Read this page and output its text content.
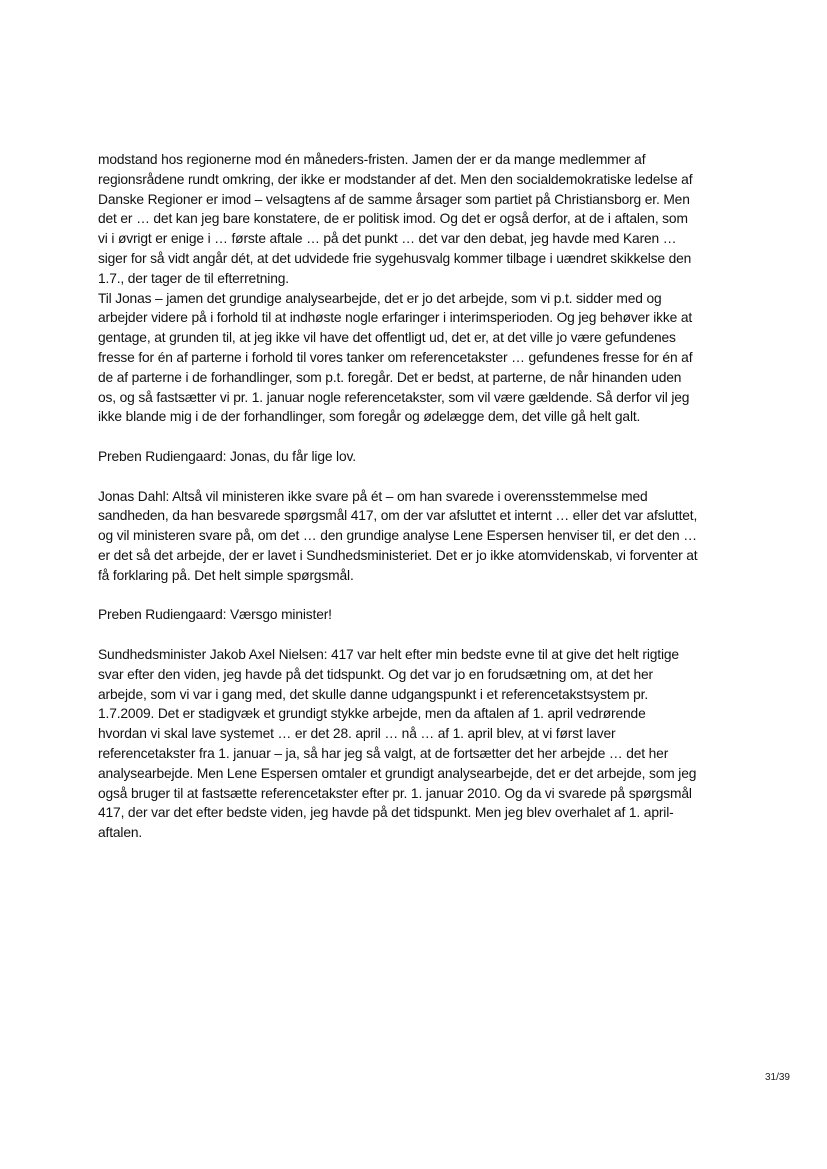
modstand hos regionerne mod én måneders-fristen. Jamen der er da mange medlemmer af regionsrådene rundt omkring, der ikke er modstander af det. Men den socialdemokratiske ledelse af Danske Regioner er imod – velsagtens af de samme årsager som partiet på Christiansborg er. Men det er … det kan jeg bare konstatere, de er politisk imod. Og det er også derfor, at de i aftalen, som vi i øvrigt er enige i … første aftale … på det punkt … det var den debat, jeg havde med Karen … siger for så vidt angår dét, at det udvidede frie sygehusvalg kommer tilbage i uændret skikkelse den 1.7., der tager de til efterretning.

Til Jonas – jamen det grundige analysearbejde, det er jo det arbejde, som vi p.t. sidder med og arbejder videre på i forhold til at indhøste nogle erfaringer i interimsperioden. Og jeg behøver ikke at gentage, at grunden til, at jeg ikke vil have det offentligt ud, det er, at det ville jo være gefundenes fresse for én af parterne i forhold til vores tanker om referencetakster … gefundenes fresse for én af de af parterne i de forhandlinger, som p.t. foregår. Det er bedst, at parterne, de når hinanden uden os, og så fastsætter vi pr. 1. januar nogle referencetakster, som vil være gældende. Så derfor vil jeg ikke blande mig i de der forhandlinger, som foregår og ødelægge dem, det ville gå helt galt.

Preben Rudiengaard: Jonas, du får lige lov.

Jonas Dahl: Altså vil ministeren ikke svare på ét – om han svarede i overensstemmelse med sandheden, da han besvarede spørgsmål 417, om der var afsluttet et internt … eller det var afsluttet, og vil ministeren svare på, om det … den grundige analyse Lene Espersen henviser til, er det den … er det så det arbejde, der er lavet i Sundhedsministeriet. Det er jo ikke atomvidenskab, vi forventer at få forklaring på. Det helt simple spørgsmål.

Preben Rudiengaard: Værsgo minister!

Sundhedsminister Jakob Axel Nielsen: 417 var helt efter min bedste evne til at give det helt rigtige svar efter den viden, jeg havde på det tidspunkt. Og det var jo en forudsætning om, at det her arbejde, som vi var i gang med, det skulle danne udgangspunkt i et referencetakstsystem pr. 1.7.2009. Det er stadigvæk et grundigt stykke arbejde, men da aftalen af 1. april vedrørende hvordan vi skal lave systemet … er det 28. april … nå … af 1. april blev, at vi først laver referencetakster fra 1. januar – ja, så har jeg så valgt, at de fortsætter det her arbejde … det her analysearbejde. Men Lene Espersen omtaler et grundigt analysearbejde, det er det arbejde, som jeg også bruger til at fastsætte referencetakster efter pr. 1. januar 2010. Og da vi svarede på spørgsmål 417, der var det efter bedste viden, jeg havde på det tidspunkt. Men jeg blev overhalet af 1. april-aftalen.

31/39
